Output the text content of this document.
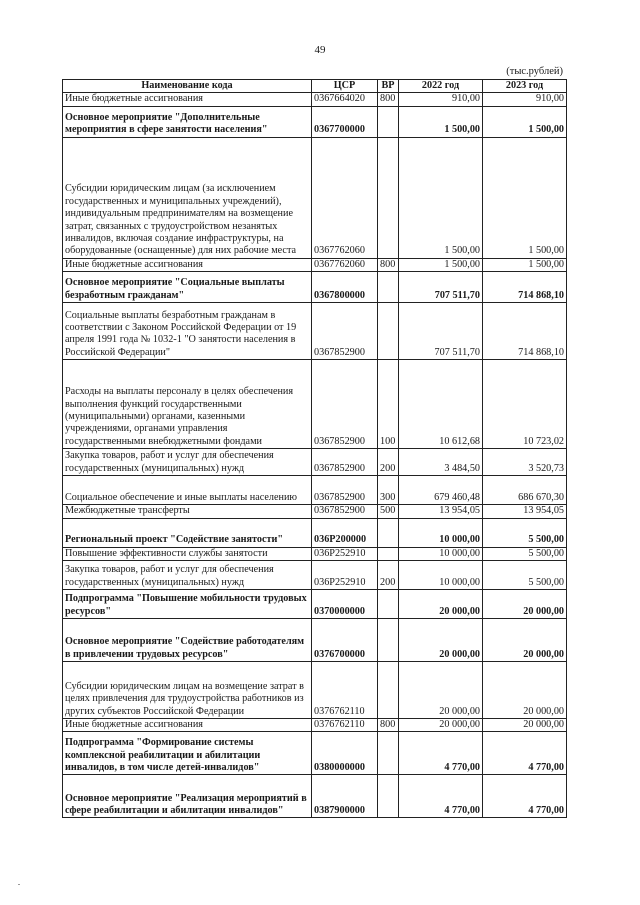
49
(тыс.рублей)
Наименование кода	ЦСР	ВР	2022 год	2023 год
Иные бюджетные ассигнования	0367664020	800	910,00	910,00
Основное мероприятие "Дополнительные мероприятия в сфере занятости населения"	0367700000		1 500,00	1 500,00
Субсидии юридическим лицам (за исключением государственных и муниципальных учреждений), индивидуальным предпринимателям на возмещение затрат, связанных с трудоустройством незанятых инвалидов, включая создание инфраструктуры, на оборудованные (оснащенные) для них рабочие места	0367762060		1 500,00	1 500,00
Иные бюджетные ассигнования	0367762060	800	1 500,00	1 500,00
Основное мероприятие "Социальные выплаты безработным гражданам"	0367800000		707 511,70	714 868,10
Социальные выплаты безработным гражданам в соответствии с Законом Российской Федерации от 19 апреля 1991 года № 1032-1 "О занятости населения в Российской Федерации"	0367852900		707 511,70	714 868,10
Расходы на выплаты персоналу в целях обеспечения выполнения функций государственными (муниципальными) органами, казенными учреждениями, органами управления государственными внебюджетными фондами	0367852900	100	10 612,68	10 723,02
Закупка товаров, работ и услуг для обеспечения государственных (муниципальных) нужд	0367852900	200	3 484,50	3 520,73
Социальное обеспечение и иные выплаты населению	0367852900	300	679 460,48	686 670,30
Межбюджетные трансферты	0367852900	500	13 954,05	13 954,05
Региональный проект "Содействие занятости"	036P200000		10 000,00	5 500,00
Повышение эффективности службы занятости	036P252910		10 000,00	5 500,00
Закупка товаров, работ и услуг для обеспечения государственных (муниципальных) нужд	036P252910	200	10 000,00	5 500,00
Подпрограмма "Повышение мобильности трудовых ресурсов"	0370000000		20 000,00	20 000,00
Основное мероприятие "Содействие работодателям в привлечении трудовых ресурсов"	0376700000		20 000,00	20 000,00
Субсидии юридическим лицам на возмещение затрат в целях привлечения для трудоустройства работников из других субъектов Российской Федерации	0376762110		20 000,00	20 000,00
Иные бюджетные ассигнования	0376762110	800	20 000,00	20 000,00
Подпрограмма "Формирование системы комплексной реабилитации и абилитации инвалидов, в том числе детей-инвалидов"	0380000000		4 770,00	4 770,00
Основное мероприятие "Реализация мероприятий в сфере реабилитации и абилитации инвалидов"	0387900000		4 770,00	4 770,00
